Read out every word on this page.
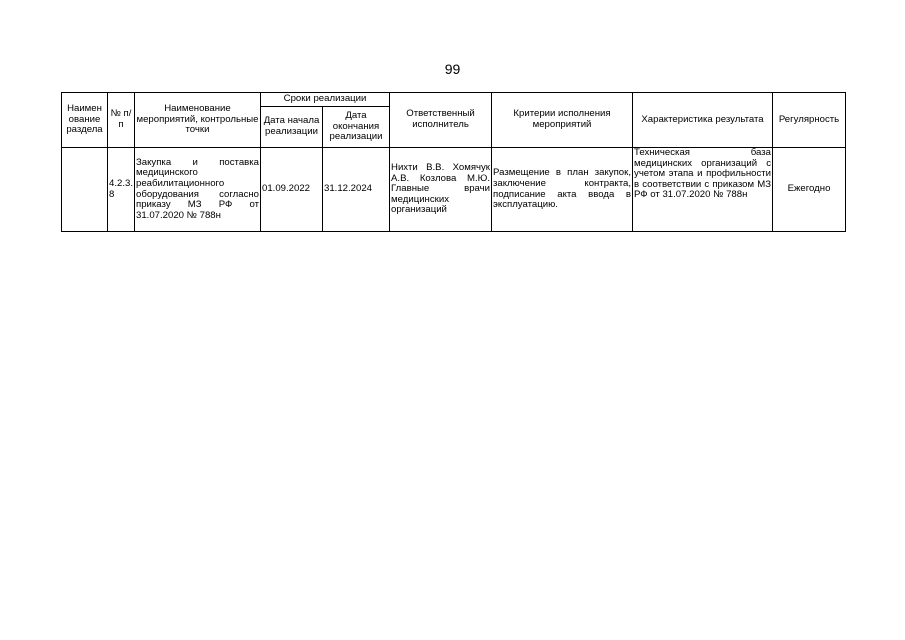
99
Наимен ование раздела	№ п/п	Наименование мероприятий, контрольные точки	Сроки реализации		Ответственный исполнитель	Критерии исполнения мероприятий	Характеристика результата	Регулярность
			Дата начала реализации	Дата окончания реализации				
	4.2.3.8	Закупка и поставка медицинского реабилитационного оборудования согласно приказу МЗ РФ от 31.07.2020 № 788н	01.09.2022	31.12.2024	Нихти В.В. Хомячук А.В. Козлова М.Ю. Главные врачи медицинских организаций	Размещение в план закупок, заключение контракта, подписание акта ввода в эксплуатацию.	Техническая база медицинских организаций с учетом этапа и профильности в соответствии с приказом МЗ РФ от 31.07.2020 № 788н	Ежегодно
